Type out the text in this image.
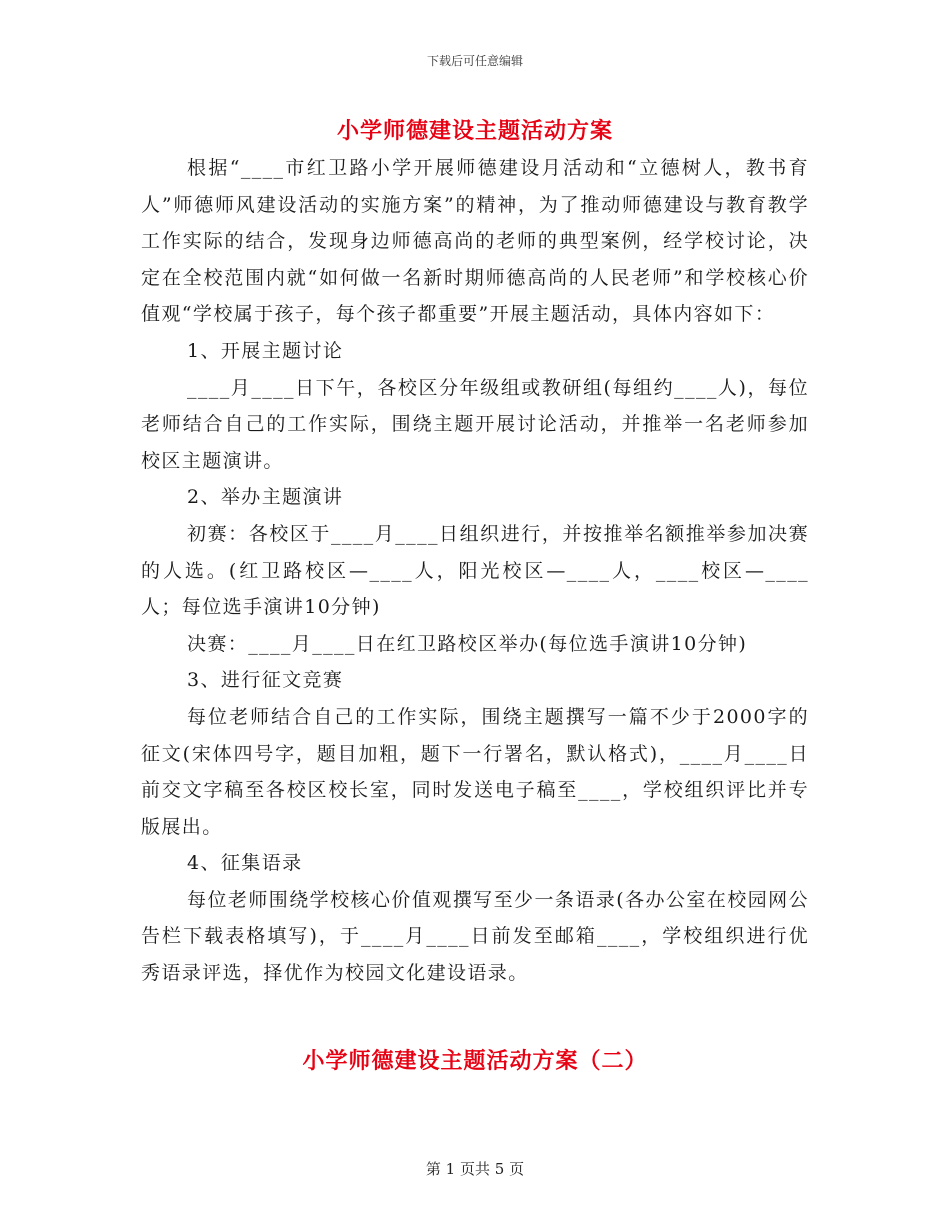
下载后可任意编辑
小学师德建设主题活动方案

根据“____市红卫路小学开展师德建设月活动和“立德树人，教书育人”师德师风建设活动的实施方案”的精神，为了推动师德建设与教育教学工作实际的结合，发现身边师德高尚的老师的典型案例，经学校讨论，决定在全校范围内就“如何做一名新时期师德高尚的人民老师”和学校核心价值观“学校属于孩子，每个孩子都重要”开展主题活动，具体内容如下：

1、开展主题讨论

____月____日下午，各校区分年级组或教研组(每组约____人)，每位老师结合自己的工作实际，围绕主题开展讨论活动，并推举一名老师参加校区主题演讲。

2、举办主题演讲

初赛：各校区于____月____日组织进行，并按推举名额推举参加决赛的人选。(红卫路校区—____人，阳光校区—____人，____校区—____人；每位选手演讲10分钟)

决赛：____月____日在红卫路校区举办(每位选手演讲10分钟)

3、进行征文竞赛

每位老师结合自己的工作实际，围绕主题撰写一篇不少于2000字的征文(宋体四号字，题目加粗，题下一行署名，默认格式)，____月____日前交文字稿至各校区校长室，同时发送电子稿至____，学校组织评比并专版展出。

4、征集语录

每位老师围绕学校核心价值观撰写至少一条语录(各办公室在校园网公告栏下载表格填写)，于____月____日前发至邮箱____，学校组织进行优秀语录评选，择优作为校园文化建设语录。

小学师德建设主题活动方案（二）
第 1 页共 5 页
